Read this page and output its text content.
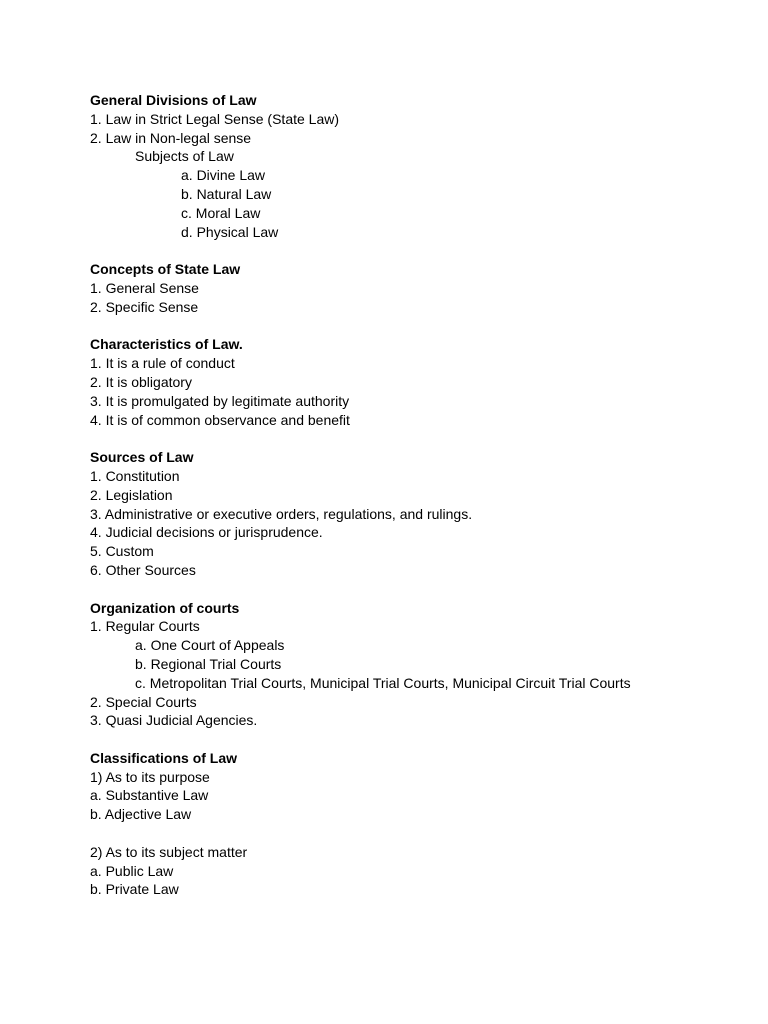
General Divisions of Law

1. Law in Strict Legal Sense (State Law)

2. Law in Non-legal sense

Subjects of Law

a. Divine Law

b. Natural Law

c. Moral Law

d. Physical Law

Concepts of State Law

1. General Sense

2. Specific Sense

Characteristics of Law.

1. It is a rule of conduct

2. It is obligatory

3. It is promulgated by legitimate authority

4. It is of common observance and benefit

Sources of Law

1. Constitution

2. Legislation

3. Administrative or executive orders, regulations, and rulings.

4. Judicial decisions or jurisprudence.

5. Custom

6. Other Sources

Organization of courts

1. Regular Courts

a. One Court of Appeals

b. Regional Trial Courts

c. Metropolitan Trial Courts, Municipal Trial Courts, Municipal Circuit Trial Courts

2. Special Courts

3. Quasi Judicial Agencies.

Classifications of Law

1) As to its purpose

a. Substantive Law

b. Adjective Law

2) As to its subject matter

a. Public Law

b. Private Law
